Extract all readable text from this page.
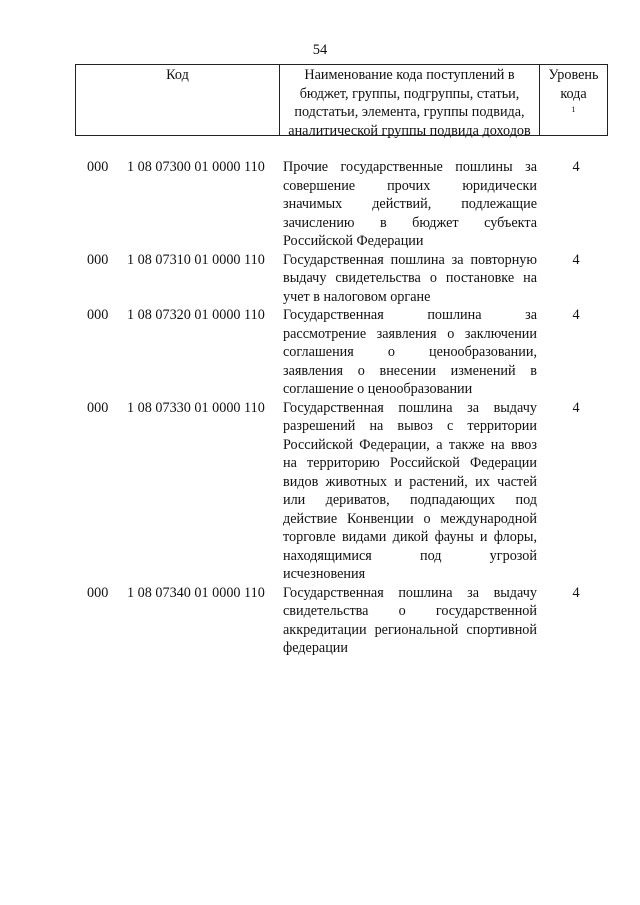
54
Код	Наименование кода поступлений в
бюджет, группы, подгруппы, статьи,
подстатьи, элемента, группы подвида,
аналитической группы подвида доходов
Уровень
кода
$^1$
000	1 08 07300 01 0000 110	Прочие государственные пошлины за
совершение прочих юридически
значимых действий, подлежащие
зачислению в бюджет субъекта
Российской Федерации
4
000	1 08 07310 01 0000 110	Государственная пошлина за повторную
выдачу свидетельства о постановке на
учет в налоговом органе
4
000	1 08 07320 01 0000 110	Государственная пошлина за
рассмотрение заявления о заключении
соглашения о ценообразовании,
заявления о внесении изменений в
соглашение о ценообразовании
4
000	1 08 07330 01 0000 110	Государственная пошлина за выдачу
разрешений на вывоз с территории
Российской Федерации, а также на ввоз
на территорию Российской Федерации
видов животных и растений, их частей
или дериватов, подпадающих под
действие Конвенции о международной
торговле видами дикой фауны и флоры,
находящимися под угрозой
исчезновения
4
000	1 08 07340 01 0000 110	Государственная пошлина за выдачу
свидетельства о государственной
аккредитации региональной спортивной
федерации
4
